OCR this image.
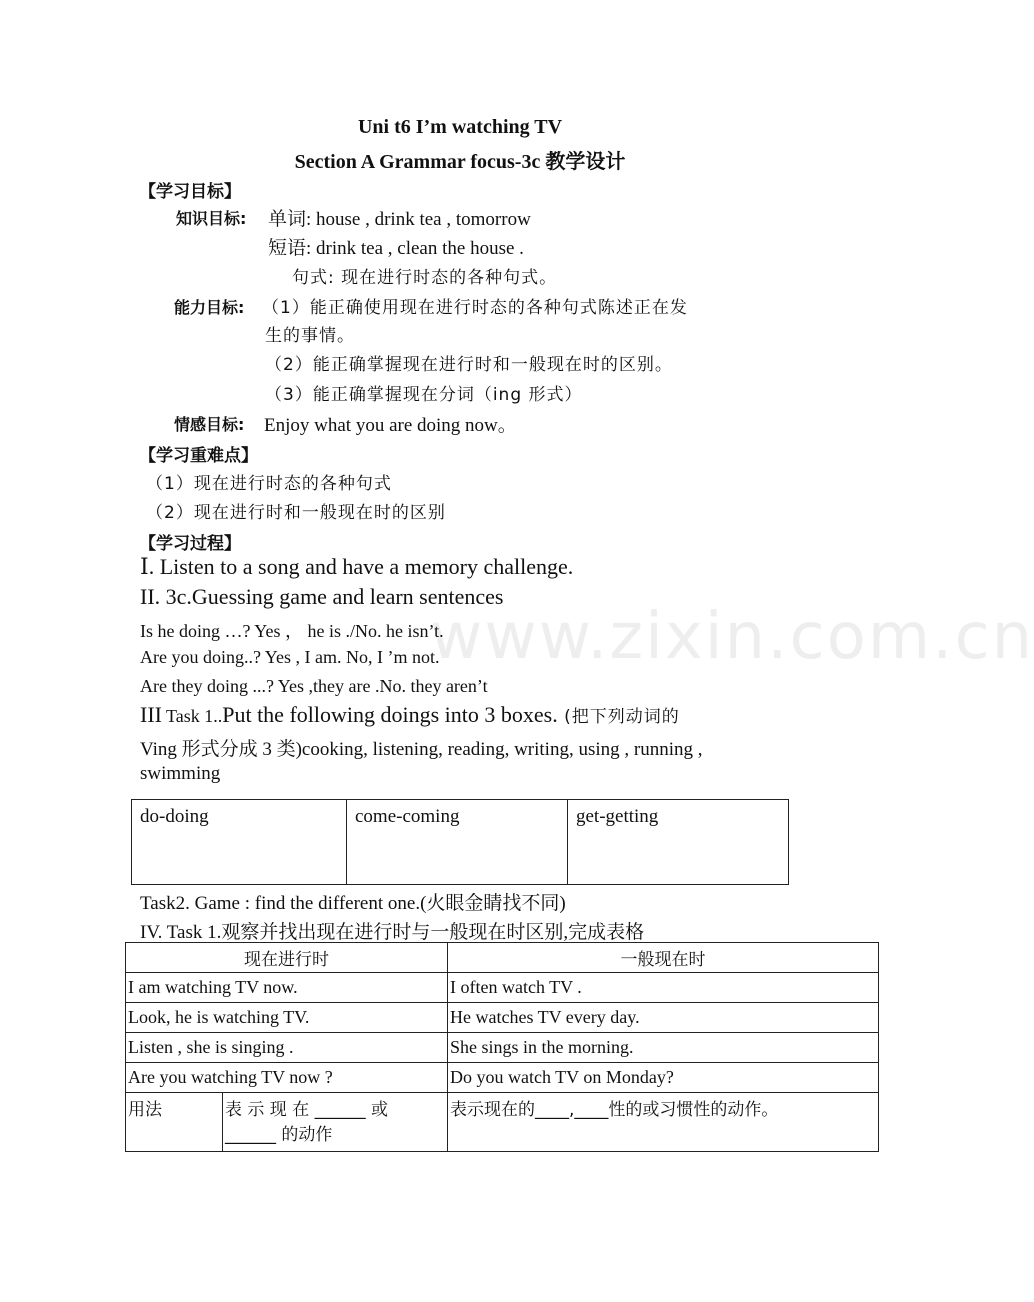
www.zixin.com.cn
Uni t6 I’m watching TV
Section A Grammar focus-3c 教学设计
【学习目标】
知识目标: 单词: house , drink tea , tomorrow
短语: drink tea , clean the house .
句式: 现在进行时态的各种句式。
能力目标: （1）能正确使用现在进行时态的各种句式陈述正在发
生的事情。
（2）能正确掌握现在进行时和一般现在时的区别。
（3）能正确掌握现在分词（ing 形式）
情感目标: Enjoy what you are doing now。
【学习重难点】
（1）现在进行时态的各种句式
（2）现在进行时和一般现在时的区别
【学习过程】
Ⅰ. Listen to a song and have a memory challenge.
II. 3c.Guessing game and learn sentences
Is he doing …? Yes ， he is ./No. he isn’t.
Are you doing..? Yes , I am. No, I ’m not.
Are they doing ...? Yes ,they are .No. they aren’t
III Task 1..Put the following doings into 3 boxes. (把下列动词的
Ving 形式分成 3 类)cooking, listening, reading, writing, using , running ,
swimming
do-doing	come-coming	get-getting
Task2. Game : find the different one.(火眼金睛找不同)
IV. Task 1.观察并找出现在进行时与一般现在时区别,完成表格
现在进行时		一般现在时
I am watching TV now.		I often watch TV .
Look, he is watching TV.		He watches TV every day.
Listen , she is singing .		She sings in the morning.
Are you watching TV now ?		Do you watch TV on Monday?
用法	表 示 现 在 ______ 或
______ 的动作	表示现在的____,____性的或习惯性的动作。
